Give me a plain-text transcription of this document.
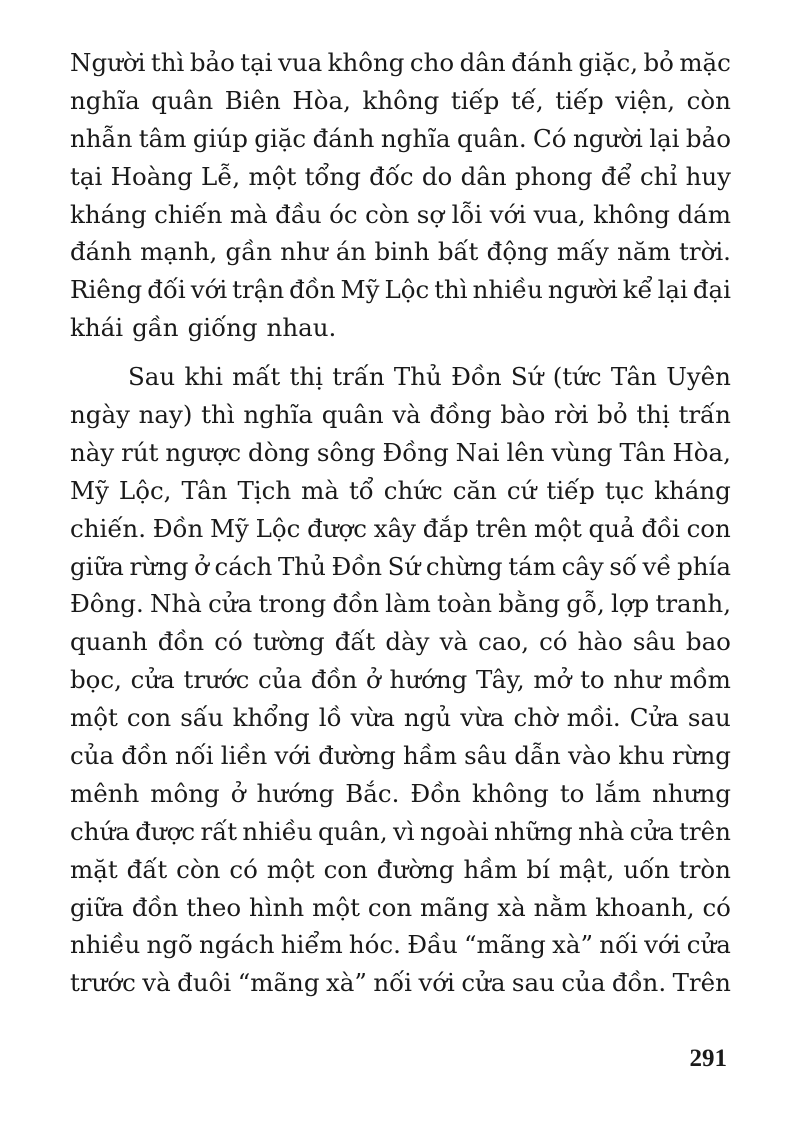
Người thì bảo tại vua không cho dân đánh giặc, bỏ mặc
nghĩa quân Biên Hòa, không tiếp tế, tiếp viện, còn
nhẫn tâm giúp giặc đánh nghĩa quân. Có người lại bảo
tại Hoàng Lễ, một tổng đốc do dân phong để chỉ huy
kháng chiến mà đầu óc còn sợ lỗi với vua, không dám
đánh mạnh, gần như án binh bất động mấy năm trời.
Riêng đối với trận đồn Mỹ Lộc thì nhiều người kể lại đại
khái gần giống nhau.
Sau khi mất thị trấn Thủ Đồn Sứ (tức Tân Uyên
ngày nay) thì nghĩa quân và đồng bào rời bỏ thị trấn
này rút ngược dòng sông Đồng Nai lên vùng Tân Hòa,
Mỹ Lộc, Tân Tịch mà tổ chức căn cứ tiếp tục kháng
chiến. Đồn Mỹ Lộc được xây đắp trên một quả đồi con
giữa rừng ở cách Thủ Đồn Sứ chừng tám cây số về phía
Đông. Nhà cửa trong đồn làm toàn bằng gỗ, lợp tranh,
quanh đồn có tường đất dày và cao, có hào sâu bao
bọc, cửa trước của đồn ở hướng Tây, mở to như mồm
một con sấu khổng lồ vừa ngủ vừa chờ mồi. Cửa sau
của đồn nối liền với đường hầm sâu dẫn vào khu rừng
mênh mông ở hướng Bắc. Đồn không to lắm nhưng
chứa được rất nhiều quân, vì ngoài những nhà cửa trên
mặt đất còn có một con đường hầm bí mật, uốn tròn
giữa đồn theo hình một con mãng xà nằm khoanh, có
nhiều ngõ ngách hiểm hóc. Đầu “mãng xà” nối với cửa
trước và đuôi “mãng xà” nối với cửa sau của đồn. Trên
291
